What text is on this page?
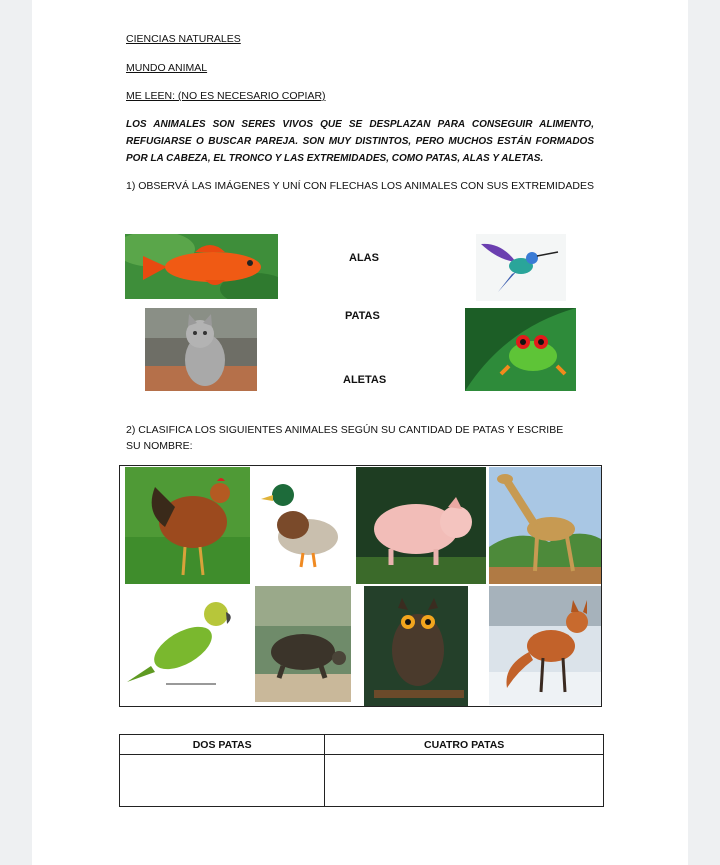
CIENCIAS NATURALES
MUNDO ANIMAL
ME LEEN: (NO ES NECESARIO COPIAR)
LOS ANIMALES SON SERES VIVOS QUE SE DESPLAZAN PARA CONSEGUIR ALIMENTO, REFUGIARSE O BUSCAR PAREJA. SON MUY DISTINTOS, PERO MUCHOS ESTÁN FORMADOS POR LA CABEZA, EL TRONCO Y LAS EXTREMIDADES, COMO PATAS, ALAS Y ALETAS.
1) OBSERVÁ LAS IMÁGENES Y UNÍ CON FLECHAS LOS ANIMALES CON SUS EXTREMIDADES
ALAS
PATAS
ALETAS
2) CLASIFICA LOS SIGUIENTES ANIMALES SEGÚN SU CANTIDAD DE PATAS Y ESCRIBE SU NOMBRE:
DOS PATAS	CUATRO PATAS
